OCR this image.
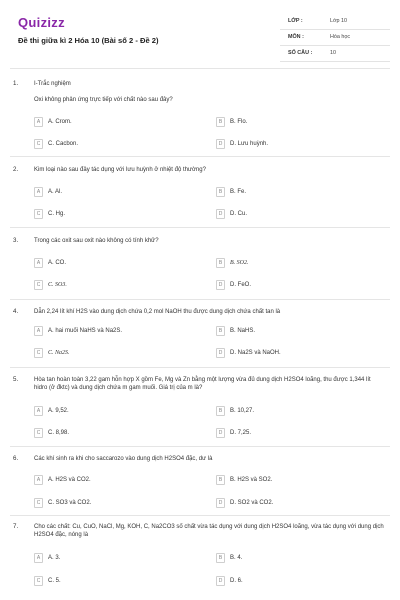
Quizizz
Đề thi giữa kì 2 Hóa 10 (Bài số 2 - Đề 2)
LỚP :	Lớp 10
MÔN :	Hóa học
SỐ CÂU :	10
1.	I-Trắc nghiệm
Oxi không phản ứng trực tiếp với chất nào sau đây?
A	A. Crom.	B	B. Flo.
C	C. Cacbon.	D	D. Lưu huỳnh.
2.	Kim loại nào sau đây tác dụng với lưu huỳnh ở nhiệt độ thường?
A	A. Al.	B	B. Fe.
C	C. Hg.	D	D. Cu.
3.	Trong các oxit sau oxit nào không có tính khử?
A	A. CO.	B	B. SO2.
C	C. SO3.	D	D. FeO.
4.	Dẫn 2,24 lít khí H2S vào dung dịch chứa 0,2 mol NaOH thu được dung dịch chứa chất tan là
A	A. hai muối NaHS và Na2S.	B	B. NaHS.
C	C. Na2S.	D	D. Na2S và NaOH.
5.	Hòa tan hoàn toàn 3,22 gam hỗn hợp X gồm Fe, Mg và Zn bằng một lượng vừa đủ dung dịch H2SO4 loãng, thu được 1,344 lít hidro (ở đktc) và dung dịch chứa m gam muối. Giá trị của m là?
A	A. 9,52.	B	B. 10,27.
C	C. 8,98.	D	D. 7,25.
6.	Các khí sinh ra khi cho saccarozo vào dung dịch H2SO4 đặc, dư là
A	A. H2S và CO2.	B	B. H2S và SO2.
C	C. SO3 và CO2.	D	D. SO2 và CO2.
7.	Cho các chất: Cu, CuO, NaCl, Mg, KOH, C, Na2CO3 số chất vừa tác dụng với dung dịch H2SO4 loãng, vừa tác dụng với dung dịch H2SO4 đặc, nóng là
A	A. 3.	B	B. 4.
C	C. 5.	D	D. 6.
